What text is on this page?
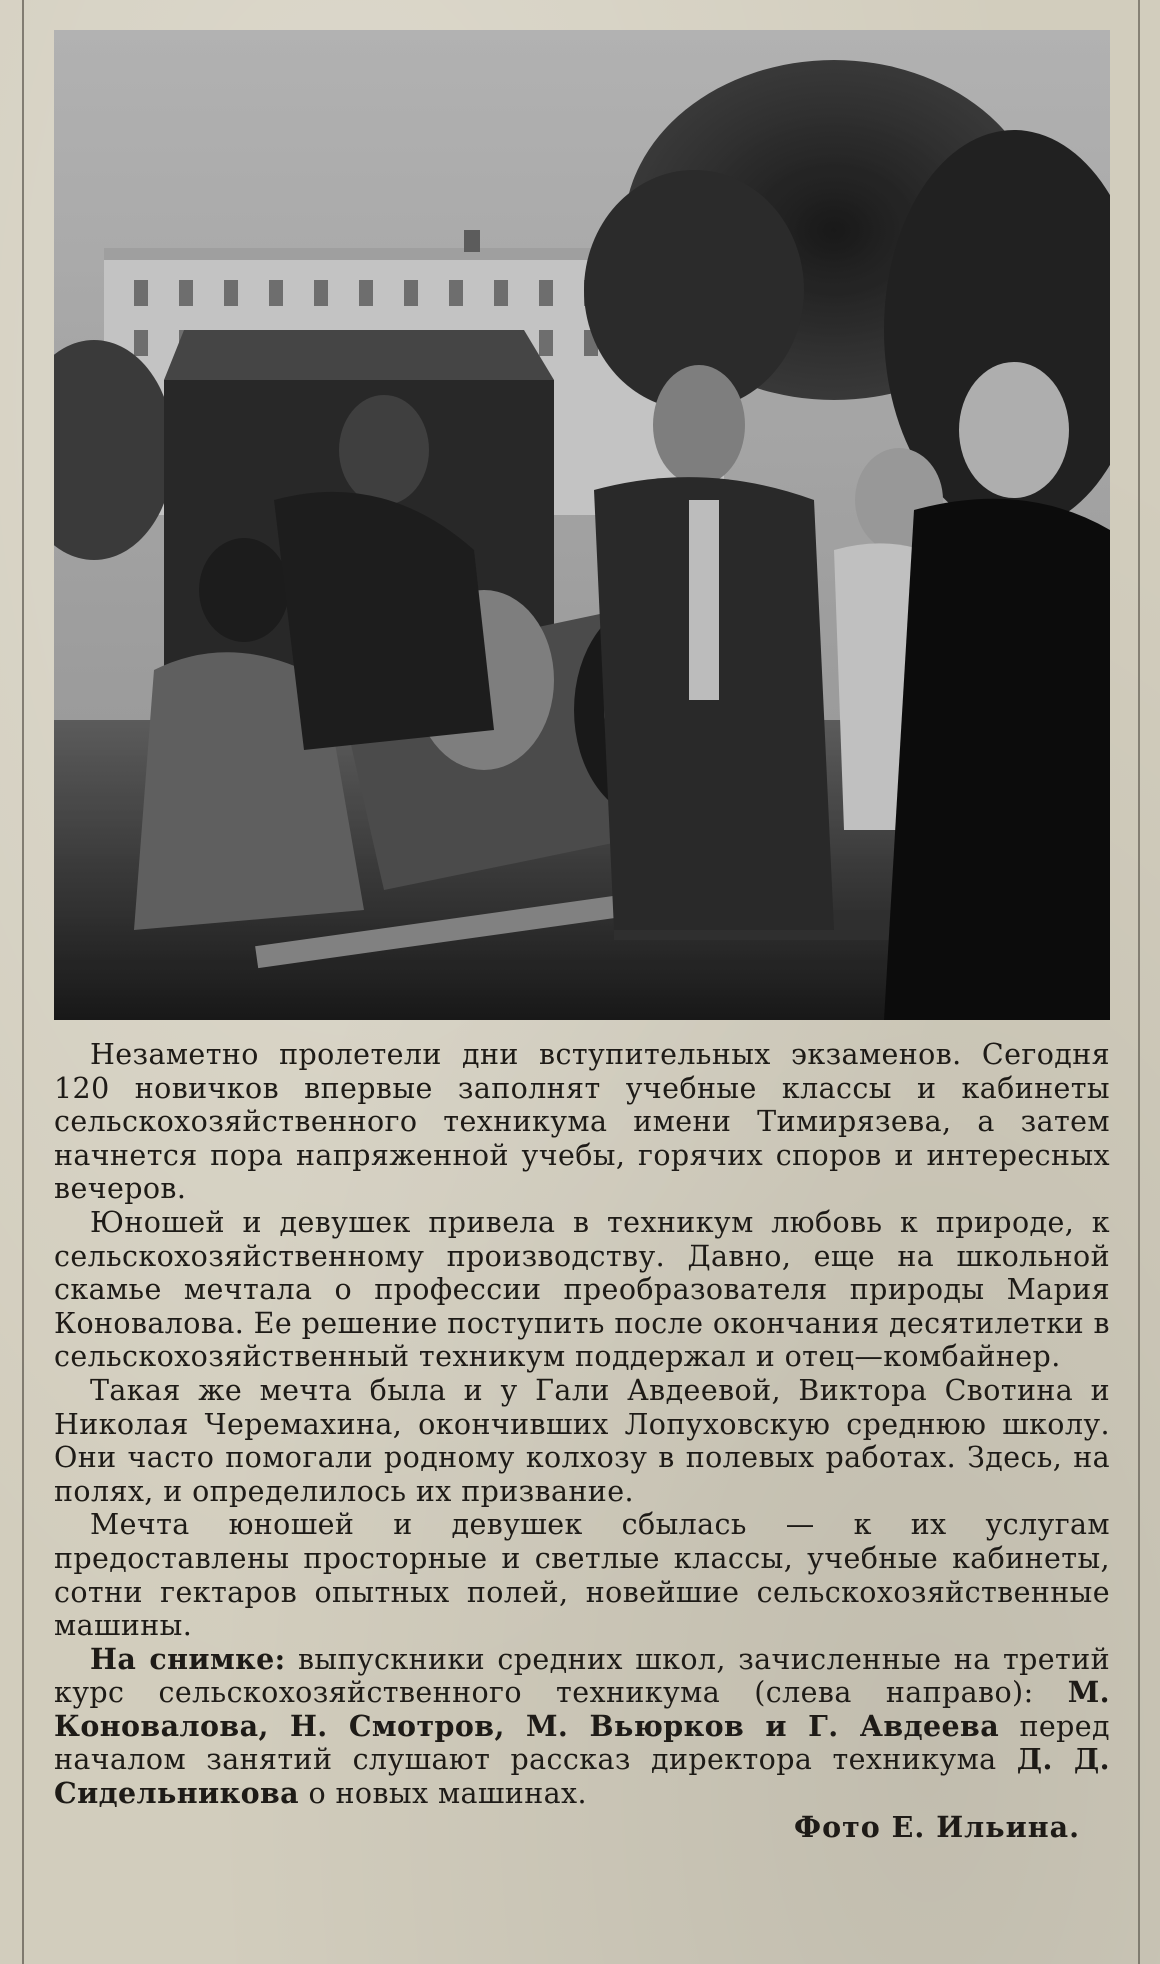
Незаметно пролетели дни вступительных экзаменов. Сегодня 120 новичков впервые заполнят учебные классы и кабинеты сельскохозяйственного техникума имени Тимирязева, а затем начнется пора напряженной учебы, горячих споров и интересных вечеров.

Юношей и девушек привела в техникум любовь к природе, к сельскохозяйственному производству. Давно, еще на школьной скамье мечтала о профессии преобразователя природы Мария Коновалова. Ее решение поступить после окончания десятилетки в сельскохозяйственный техникум поддержал и отец—комбайнер.

Такая же мечта была и у Гали Авдеевой, Виктора Свотина и Николая Черемахина, окончивших Лопуховскую среднюю школу. Они часто помогали родному колхозу в полевых работах. Здесь, на полях, и определилось их призвание.

Мечта юношей и девушек сбылась — к их услугам предоставлены просторные и светлые классы, учебные кабинеты, сотни гектаров опытных полей, новейшие сельскохозяйственные машины.

На снимке: выпускники средних школ, зачисленные на третий курс сельскохозяйственного техникума (слева направо): М. Коновалова, Н. Смотров, М. Вьюрков и Г. Авдеева перед началом занятий слушают рассказ директора техникума Д. Д. Сидельникова о новых машинах.

Фото Е. Ильина.
